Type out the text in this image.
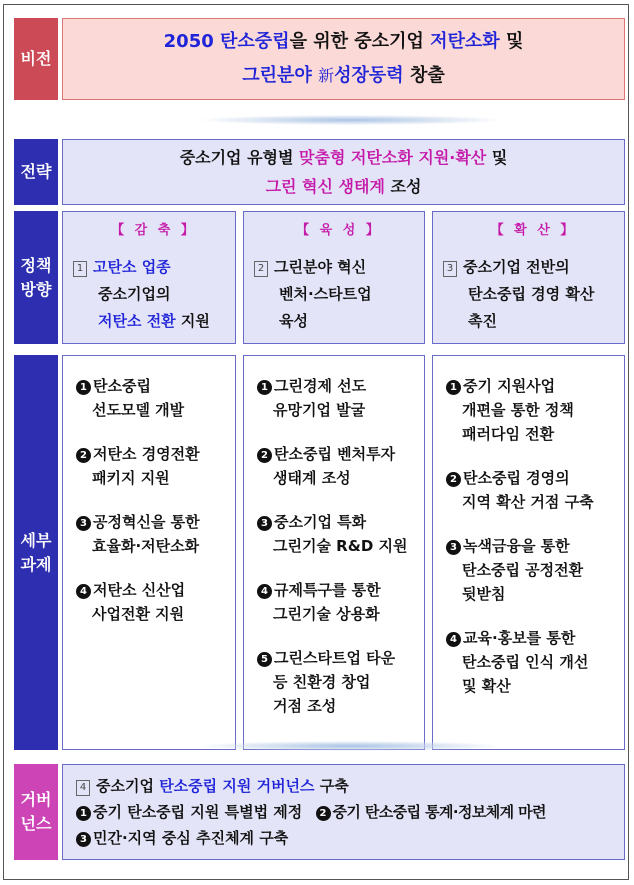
비전
2050 탄소중립을 위한 중소기업 저탄소화 및
그린분야 新성장동력 창출
전략
중소기업 유형별 맞춤형 저탄소화 지원·확산 및
그린 혁신 생태계 조성
정책
방향
【 감 축 】
1 고탄소 업종
중소기업의
저탄소 전환 지원
【 육 성 】
2 그린분야 혁신
벤처·스타트업
육성
【 확 산 】
3 중소기업 전반의
탄소중립 경영 확산
촉진
세부
과제
1 탄소중립
선도모델 개발
2 저탄소 경영전환
패키지 지원
3 공정혁신을 통한
효율화·저탄소화
4 저탄소 신산업
사업전환 지원
1 그린경제 선도
유망기업 발굴
2 탄소중립 벤처투자
생태계 조성
3 중소기업 특화
그린기술 R&D 지원
4 규제특구를 통한
그린기술 상용화
5 그린스타트업 타운
등 친환경 창업
거점 조성
1 중기 지원사업
개편을 통한 정책
패러다임 전환
2 탄소중립 경영의
지역 확산 거점 구축
3 녹색금융을 통한
탄소중립 공정전환
뒷받침
4 교육·홍보를 통한
탄소중립 인식 개선
및 확산
거버
넌스
4 중소기업 탄소중립 지원 거버넌스 구축
1 중기 탄소중립 지원 특별법 제정 2 중기 탄소중립 통계·정보체계 마련
3 민간·지역 중심 추진체계 구축
